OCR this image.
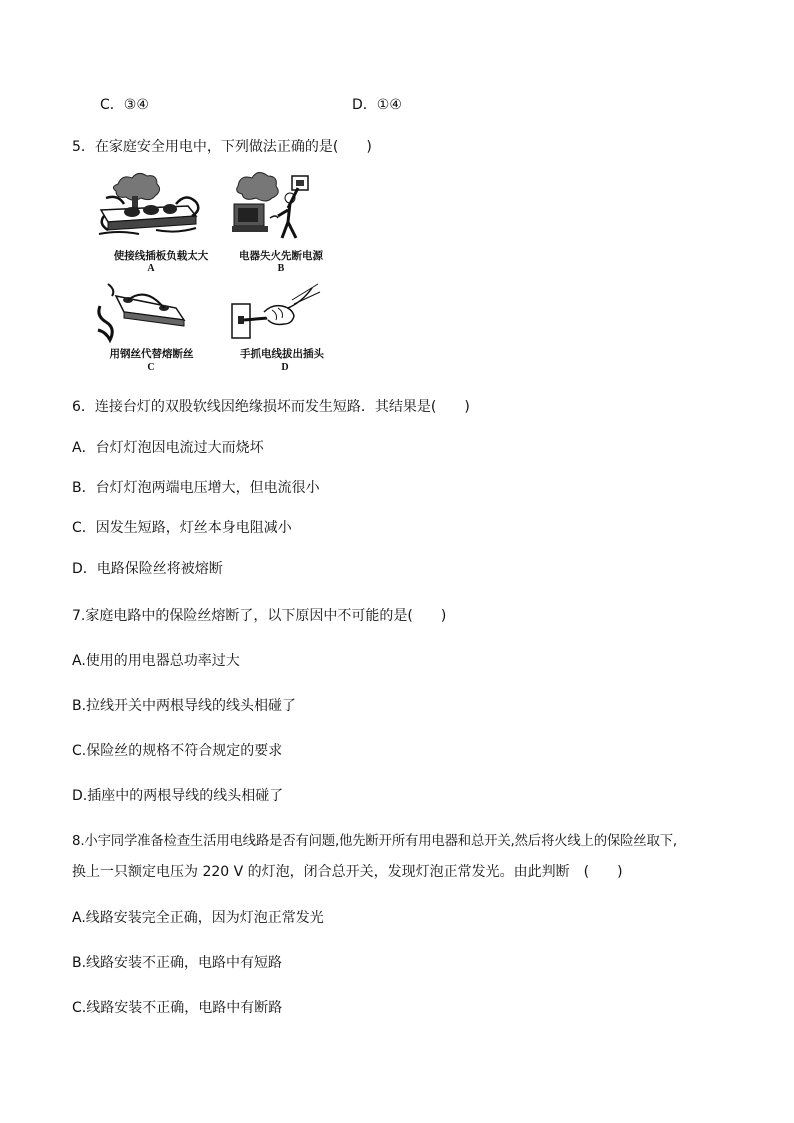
C．③④	D．①④
5．在家庭安全用电中，下列做法正确的是(　　)
使接线插板负载太大
A
电器失火先断电源
B
用钢丝代替熔断丝
C
手抓电线拔出插头
D
6．连接台灯的双股软线因绝缘损坏而发生短路．其结果是(　　)
A．台灯灯泡因电流过大而烧坏
B．台灯灯泡两端电压增大，但电流很小
C．因发生短路，灯丝本身电阻减小
D．电路保险丝将被熔断
7.家庭电路中的保险丝熔断了，以下原因中不可能的是(　　)
A.使用的用电器总功率过大
B.拉线开关中两根导线的线头相碰了
C.保险丝的规格不符合规定的要求
D.插座中的两根导线的线头相碰了
8.小宇同学准备检查生活用电线路是否有问题,他先断开所有用电器和总开关,然后将火线上的保险丝取下,
换上一只额定电压为 220 V 的灯泡，闭合总开关，发现灯泡正常发光。由此判断　(　　)
A.线路安装完全正确，因为灯泡正常发光
B.线路安装不正确，电路中有短路
C.线路安装不正确，电路中有断路
